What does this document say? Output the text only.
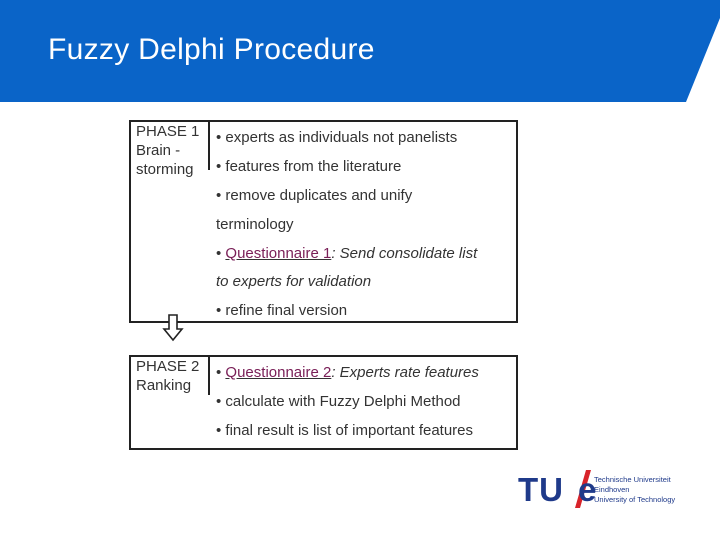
Fuzzy Delphi Procedure
PHASE 1
Brain -
storming
• experts as individuals not panelists
• features from the literature
• remove duplicates and unify
terminology
• Questionnaire 1: Send consolidate list
to experts for validation
• refine final version
PHASE 2
Ranking
• Questionnaire 2: Experts rate features
• calculate with Fuzzy Delphi Method
• final result is list of important features
TU e
Technische Universiteit
Eindhoven
University of Technology
